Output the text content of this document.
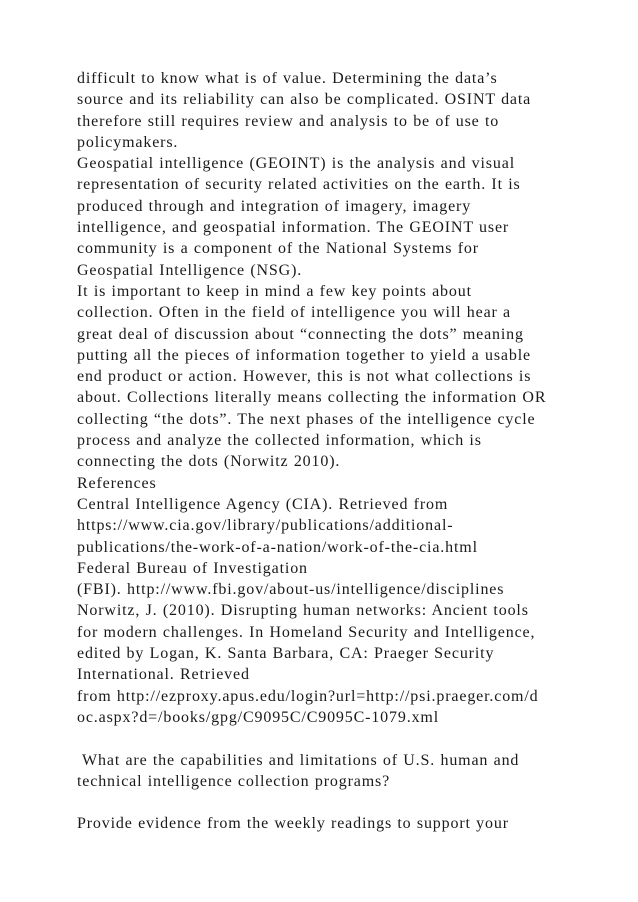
difficult to know what is of value. Determining the data’s
source and its reliability can also be complicated. OSINT data
therefore still requires review and analysis to be of use to
policymakers.
Geospatial intelligence (GEOINT) is the analysis and visual
representation of security related activities on the earth. It is
produced through and integration of imagery, imagery
intelligence, and geospatial information. The GEOINT user
community is a component of the National Systems for
Geospatial Intelligence (NSG).
It is important to keep in mind a few key points about
collection. Often in the field of intelligence you will hear a
great deal of discussion about “connecting the dots” meaning
putting all the pieces of information together to yield a usable
end product or action. However, this is not what collections is
about. Collections literally means collecting the information OR
collecting “the dots”. The next phases of the intelligence cycle
process and analyze the collected information, which is
connecting the dots (Norwitz 2010).
References
Central Intelligence Agency (CIA). Retrieved from
https://www.cia.gov/library/publications/additional-
publications/the-work-of-a-nation/work-of-the-cia.html
Federal Bureau of Investigation
(FBI). http://www.fbi.gov/about-us/intelligence/disciplines
Norwitz, J. (2010). Disrupting human networks: Ancient tools
for modern challenges. In Homeland Security and Intelligence,
edited by Logan, K. Santa Barbara, CA: Praeger Security
International. Retrieved
from http://ezproxy.apus.edu/login?url=http://psi.praeger.com/d
oc.aspx?d=/books/gpg/C9095C/C9095C-1079.xml
What are the capabilities and limitations of U.S. human and
technical intelligence collection programs?
Provide evidence from the weekly readings to support your
